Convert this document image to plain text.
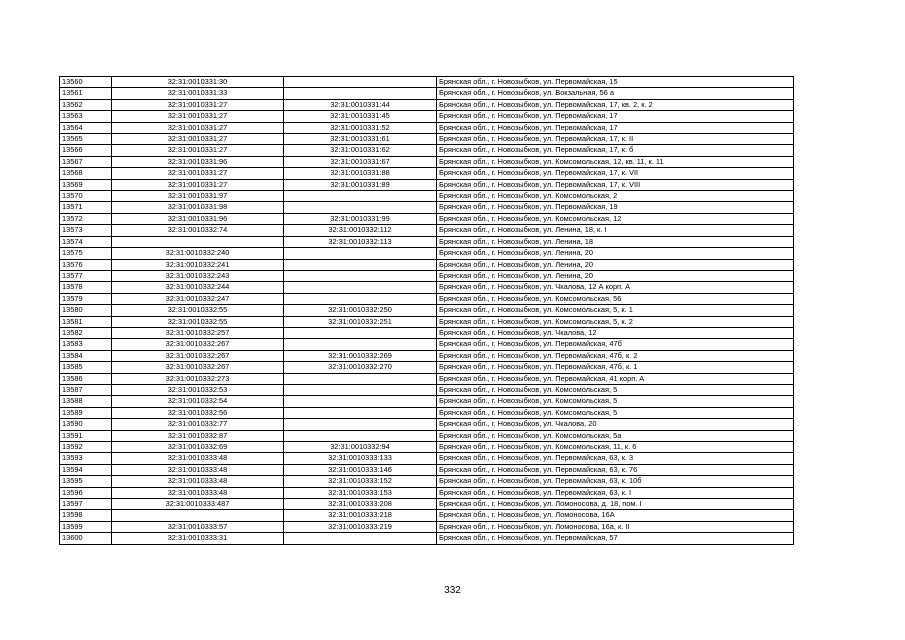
13560	32:31:0010331:30		Брянская обл., г. Новозыбков, ул. Первомайская, 15
13561	32:31:0010331:33		Брянская обл., г. Новозыбков, ул. Вокзальная, 56 а
13562	32:31:0010331:27	32:31:0010331:44	Брянская обл., г. Новозыбков, ул. Первомайская, 17, кв. 2, к. 2
13563	32:31:0010331:27	32:31:0010331:45	Брянская обл., г. Новозыбков, ул. Первомайская, 17
13564	32:31:0010331:27	32:31:0010331:52	Брянская обл., г. Новозыбков, ул. Первомайская, 17
13565	32:31:0010331:27	32:31:0010331:61	Брянская обл., г. Новозыбков, ул. Первомайская, 17, к. II
13566	32:31:0010331:27	32:31:0010331:62	Брянская обл., г. Новозыбков, ул. Первомайская, 17, к. б
13567	32:31:0010331:96	32:31:0010331:67	Брянская обл., г. Новозыбков, ул. Комсомольская, 12, кв. 11, к. 11
13568	32:31:0010331:27	32:31:0010331:88	Брянская обл., г. Новозыбков, ул. Первомайская, 17, к. VII
13569	32:31:0010331:27	32:31:0010331:89	Брянская обл., г. Новозыбков, ул. Первомайская, 17, к. VIII
13570	32:31:0010331:97		Брянская обл., г. Новозыбков, ул. Комсомольская, 2
13571	32:31:0010331:98		Брянская обл., г. Новозыбков, ул. Первомайская, 19
13572	32:31:0010331:96	32:31:0010331:99	Брянская обл., г. Новозыбков, ул. Комсомольская, 12
13573	32:31:0010332:74	32:31:0010332:112	Брянская обл., г. Новозыбков, ул. Ленина, 18, к. I
13574		32:31:0010332:113	Брянская обл., г. Новозыбков, ул. Ленина, 18
13575	32:31:0010332:240		Брянская обл., г. Новозыбков, ул. Ленина, 20
13576	32:31:0010332:241		Брянская обл., г. Новозыбков, ул. Ленина, 20
13577	32:31:0010332:243		Брянская обл., г. Новозыбков, ул. Ленина, 20
13578	32:31:0010332:244		Брянская обл., г. Новозыбков, ул. Чкалова, 12 А корп. А
13579	32:31:0010332:247		Брянская обл., г. Новозыбков, ул. Комсомольская, 56
13580	32:31:0010332:55	32:31:0010332:250	Брянская обл., г. Новозыбков, ул. Комсомольская, 5, к. 1
13581	32:31:0010332:55	32:31:0010332:251	Брянская обл., г. Новозыбков, ул. Комсомольская, 5, к. 2
13582	32:31:0010332:257		Брянская обл., г. Новозыбков, ул. Чкалова, 12
13583	32:31:0010332:267		Брянская обл., г. Новозыбков, ул. Первомайская, 47б
13584	32:31:0010332:267	32:31:0010332:269	Брянская обл., г. Новозыбков, ул. Первомайская, 47б, к. 2
13585	32:31:0010332:267	32:31:0010332:270	Брянская обл., г. Новозыбков, ул. Первомайская, 47б, к. 1
13586	32:31:0010332:273		Брянская обл., г. Новозыбков, ул. Первомайская, 41 корп. А
13587	32:31:0010332:53		Брянская обл., г. Новозыбков, ул. Комсомольская, 5
13588	32:31:0010332:54		Брянская обл., г. Новозыбков, ул. Комсомольская, 5
13589	32:31:0010332:56		Брянская обл., г. Новозыбков, ул. Комсомольская, 5
13590	32:31:0010332:77		Брянская обл., г. Новозыбков, ул. Чкалова, 20
13591	32:31:0010332:87		Брянская обл., г. Новозыбков, ул. Комсомольская, 5а
13592	32:31:0010332:69	32:31:0010332:94	Брянская обл., г. Новозыбков, ул. Комсомольская, 11, к. 6
13593	32:31:0010333:48	32:31:0010333:133	Брянская обл., г. Новозыбков, ул. Первомайская, 63, к. 3
13594	32:31:0010333:48	32:31:0010333:146	Брянская обл., г. Новозыбков, ул. Первомайская, 63, к. 76
13595	32:31:0010333:48	32:31:0010333:152	Брянская обл., г. Новозыбков, ул. Первомайская, 63, к. 10б
13596	32:31:0010333:48	32:31:0010333:153	Брянская обл., г. Новозыбков, ул. Первомайская, 63, к. I
13597	32:31:0010333:487	32:31:0010333:208	Брянская обл., г. Новозыбков, ул. Ломоносова, д. 18, пом. I
13598		32:31:0010333:218	Брянская обл., г. Новозыбков, ул. Ломоносова, 16А
13599	32:31:0010333:57	32:31:0010333:219	Брянская обл., г. Новозыбков, ул. Ломоносова, 16а, к. II
13600	32:31:0010333:31		Брянская обл., г. Новозыбков, ул. Первомайская, 57
332
